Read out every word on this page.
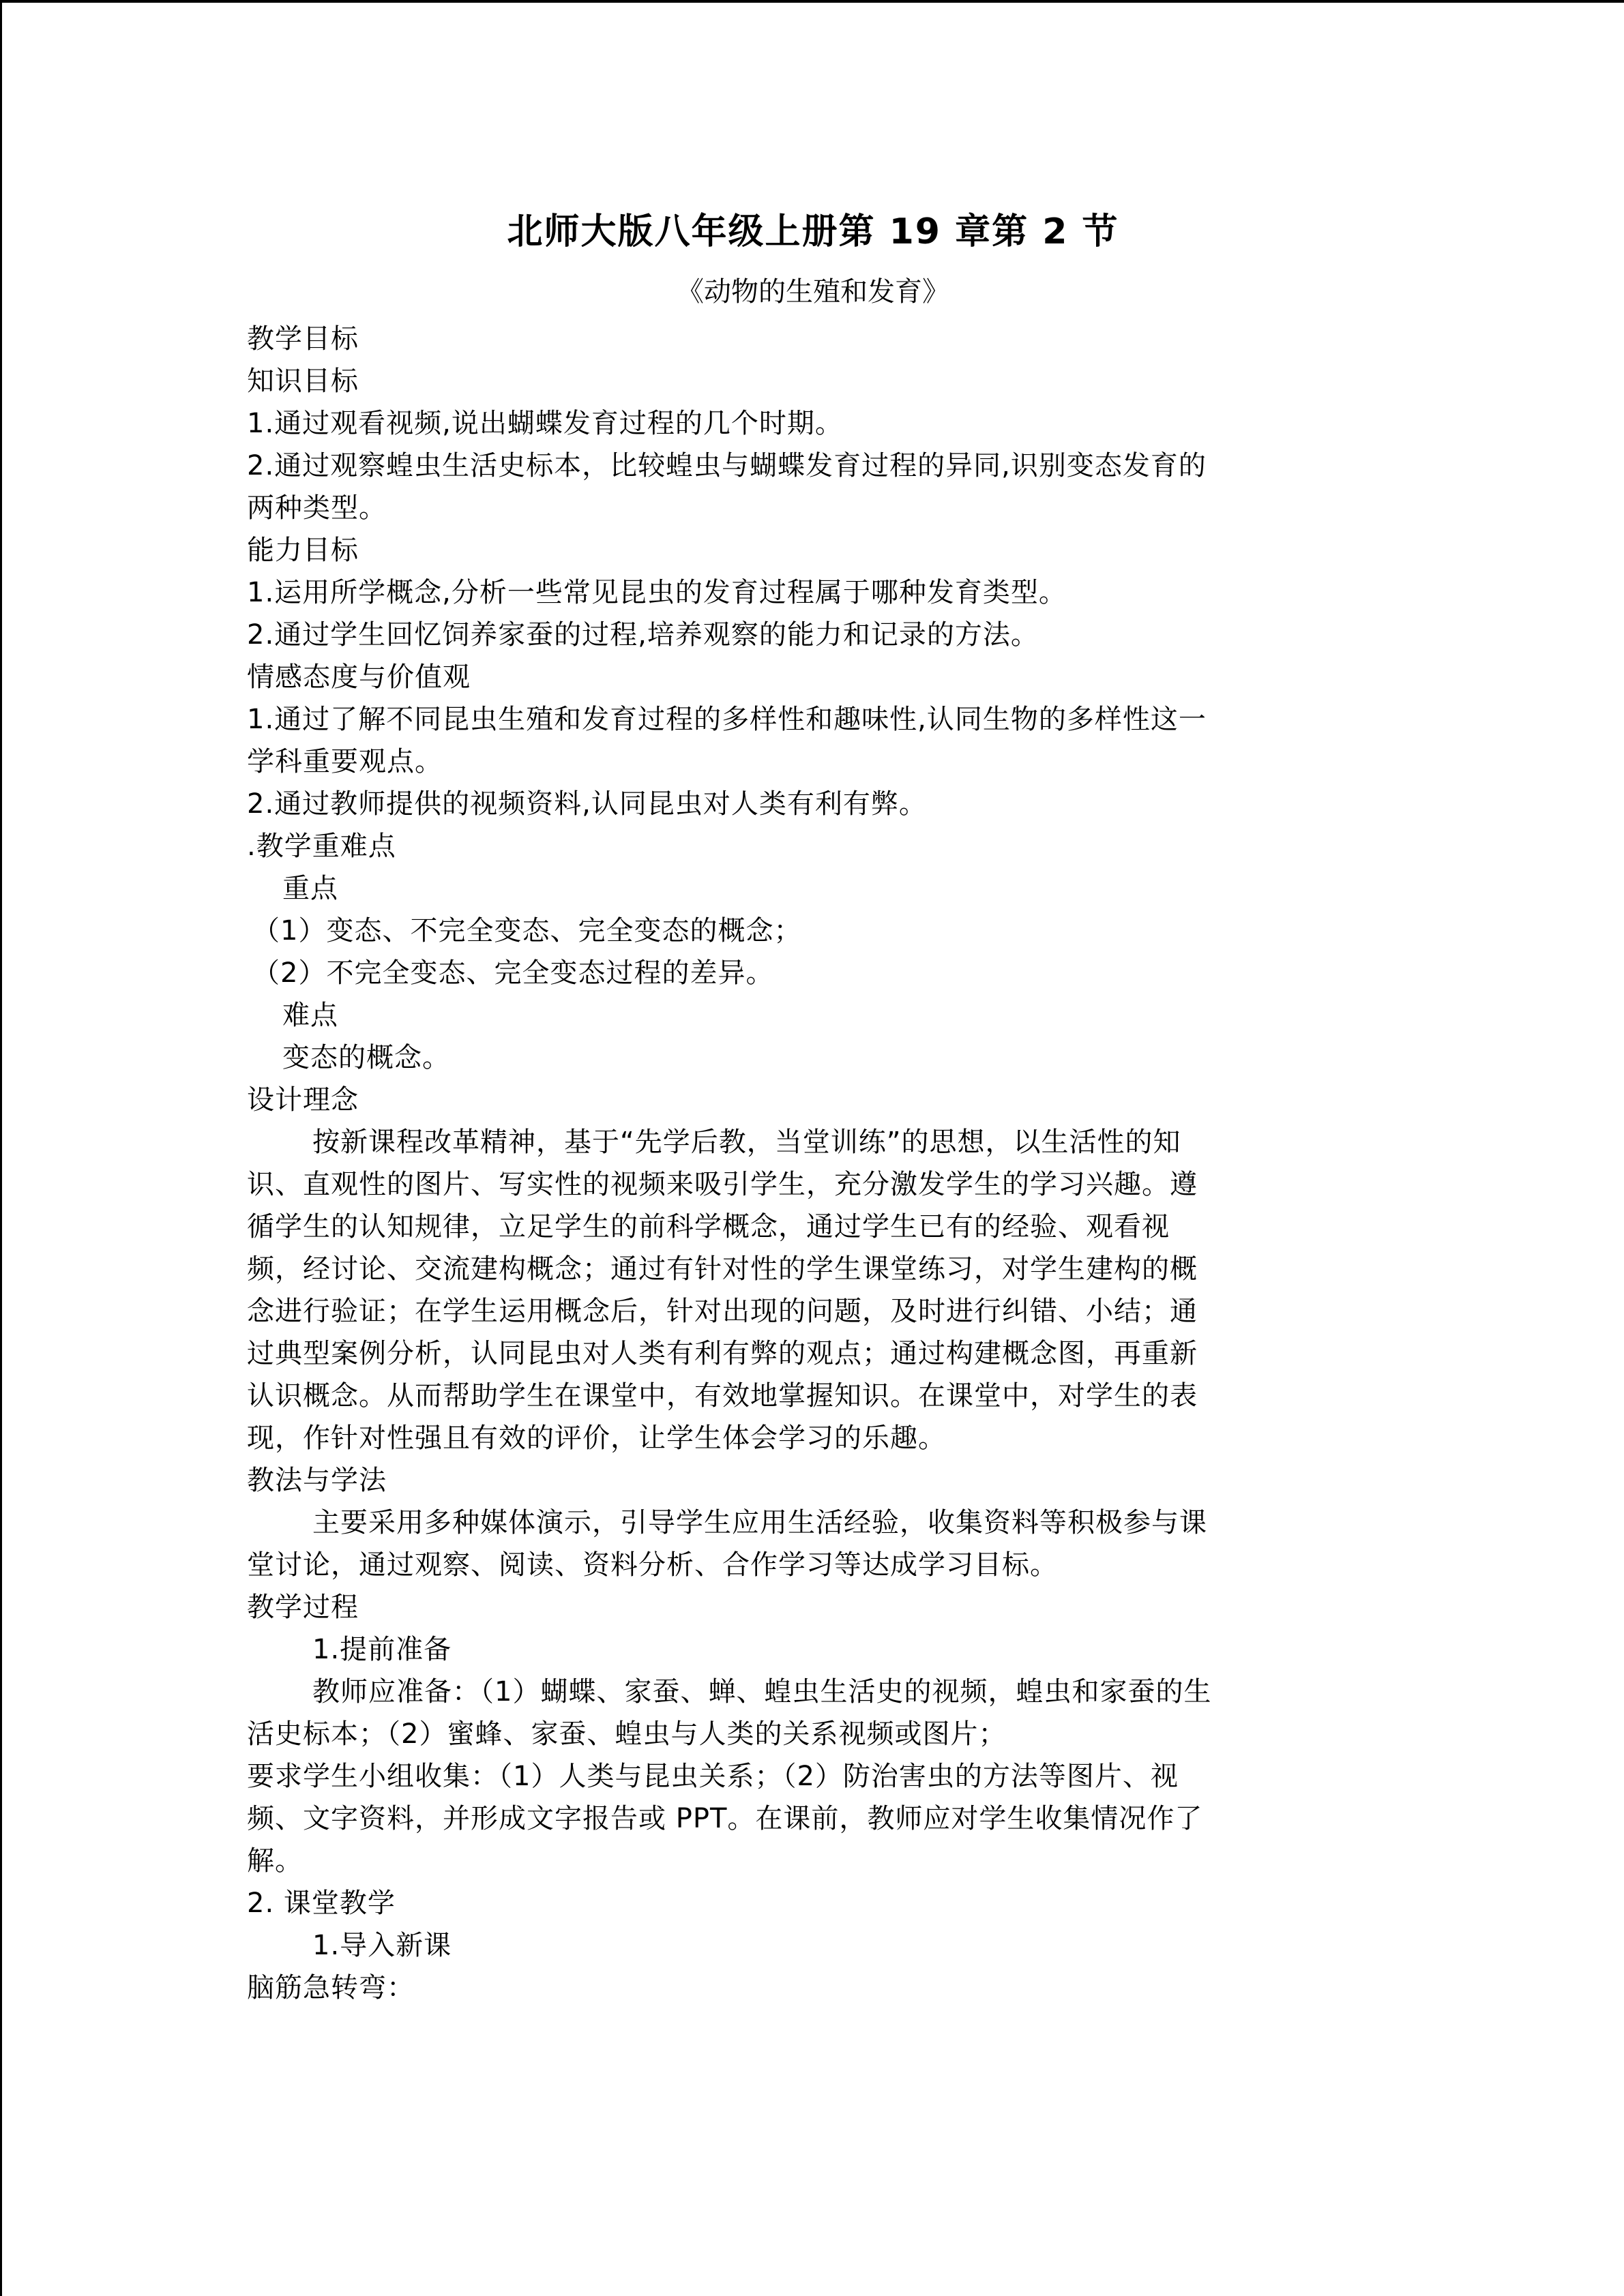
北师大版八年级上册第 19 章第 2 节
《动物的生殖和发育》
教学目标
知识目标
1.通过观看视频,说出蝴蝶发育过程的几个时期。
2.通过观察蝗虫生活史标本，比较蝗虫与蝴蝶发育过程的异同,识别变态发育的
两种类型。
能力目标
1.运用所学概念,分析一些常见昆虫的发育过程属于哪种发育类型。
2.通过学生回忆饲养家蚕的过程,培养观察的能力和记录的方法。
情感态度与价值观
1.通过了解不同昆虫生殖和发育过程的多样性和趣味性,认同生物的多样性这一
学科重要观点。
2.通过教师提供的视频资料,认同昆虫对人类有利有弊。
.教学重难点
重点
（1）变态、不完全变态、完全变态的概念；
（2）不完全变态、完全变态过程的差异。
难点
变态的概念。
设计理念
按新课程改革精神，基于“先学后教，当堂训练”的思想，以生活性的知
识、直观性的图片、写实性的视频来吸引学生，充分激发学生的学习兴趣。遵
循学生的认知规律，立足学生的前科学概念，通过学生已有的经验、观看视
频，经讨论、交流建构概念；通过有针对性的学生课堂练习，对学生建构的概
念进行验证；在学生运用概念后，针对出现的问题，及时进行纠错、小结；通
过典型案例分析，认同昆虫对人类有利有弊的观点；通过构建概念图，再重新
认识概念。从而帮助学生在课堂中，有效地掌握知识。在课堂中，对学生的表
现，作针对性强且有效的评价，让学生体会学习的乐趣。
教法与学法
主要采用多种媒体演示，引导学生应用生活经验，收集资料等积极参与课
堂讨论，通过观察、阅读、资料分析、合作学习等达成学习目标。
教学过程
1.提前准备
教师应准备：（1）蝴蝶、家蚕、蝉、蝗虫生活史的视频，蝗虫和家蚕的生
活史标本；（2）蜜蜂、家蚕、蝗虫与人类的关系视频或图片；
要求学生小组收集：（1）人类与昆虫关系；（2）防治害虫的方法等图片、视
频、文字资料，并形成文字报告或 PPT。在课前，教师应对学生收集情况作了
解。
2. 课堂教学
1.导入新课
脑筋急转弯：
